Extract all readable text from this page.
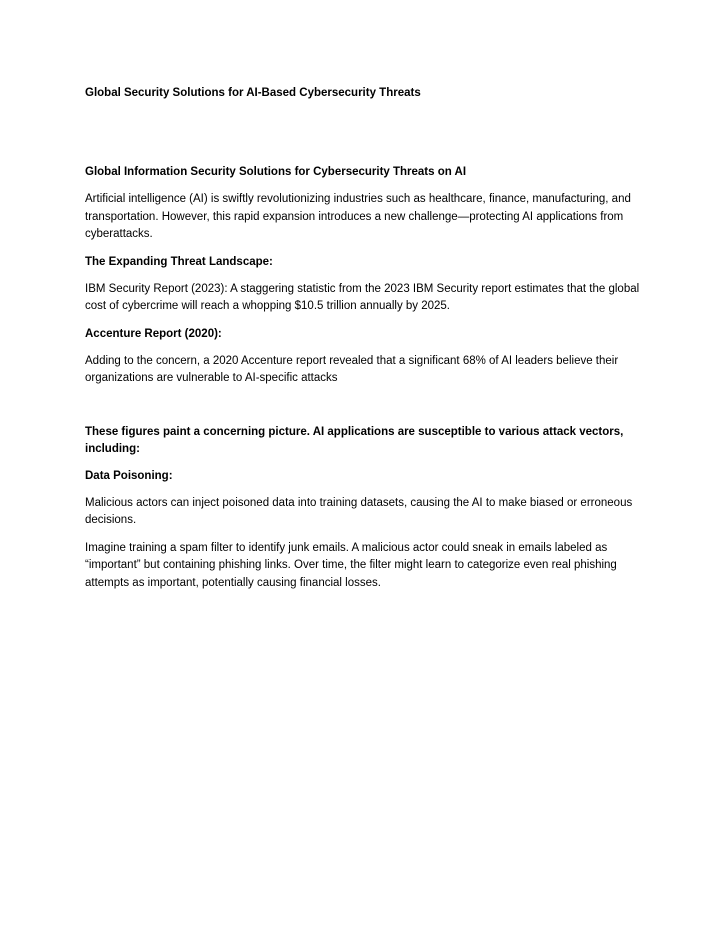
Global Security Solutions for AI-Based Cybersecurity Threats
Global Information Security Solutions for Cybersecurity Threats on AI

Artificial intelligence (AI) is swiftly revolutionizing industries such as healthcare, finance, manufacturing, and transportation. However, this rapid expansion introduces a new challenge—protecting AI applications from cyberattacks.

The Expanding Threat Landscape:

IBM Security Report (2023): A staggering statistic from the 2023 IBM Security report estimates that the global cost of cybercrime will reach a whopping $10.5 trillion annually by 2025.

Accenture Report (2020):

Adding to the concern, a 2020 Accenture report revealed that a significant 68% of AI leaders believe their organizations are vulnerable to AI-specific attacks

These figures paint a concerning picture. AI applications are susceptible to various attack vectors, including:
Data Poisoning:

Malicious actors can inject poisoned data into training datasets, causing the AI to make biased or erroneous decisions.

Imagine training a spam filter to identify junk emails. A malicious actor could sneak in emails labeled as “important” but containing phishing links. Over time, the filter might learn to categorize even real phishing attempts as important, potentially causing financial losses.
